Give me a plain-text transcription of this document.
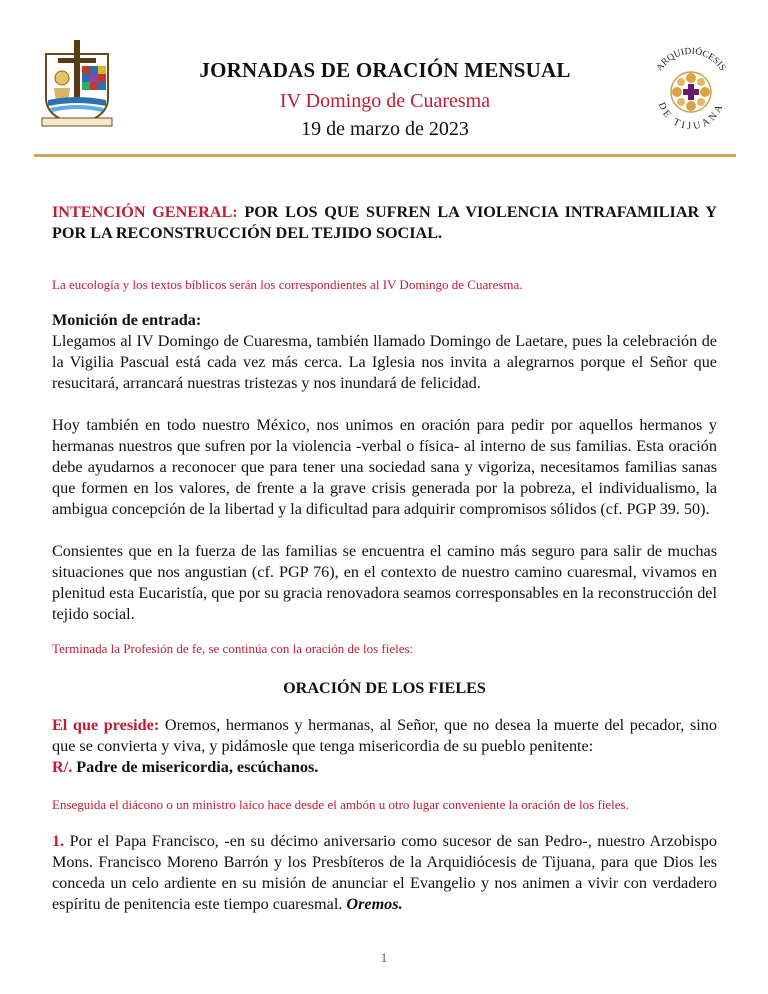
JORNADAS DE ORACIÓN MENSUAL
IV Domingo de Cuaresma
19 de marzo de 2023
ARQUIDIÓCESIS
DE TIJUANA
INTENCIÓN GENERAL: POR LOS QUE SUFREN LA VIOLENCIA INTRAFAMILIAR Y POR LA RECONSTRUCCIÓN DEL TEJIDO SOCIAL.
La eucología y los textos bíblicos serán los correspondientes al IV Domingo de Cuaresma.
Monición de entrada:
Llegamos al IV Domingo de Cuaresma, también llamado Domingo de Laetare, pues la celebración de la Vigilia Pascual está cada vez más cerca. La Iglesia nos invita a alegrarnos porque el Señor que resucitará, arrancará nuestras tristezas y nos inundará de felicidad.
Hoy también en todo nuestro México, nos unimos en oración para pedir por aquellos hermanos y hermanas nuestros que sufren por la violencia -verbal o física- al interno de sus familias. Esta oración debe ayudarnos a reconocer que para tener una sociedad sana y vigoriza, necesitamos familias sanas que formen en los valores, de frente a la grave crisis generada por la pobreza, el individualismo, la ambigua concepción de la libertad y la dificultad para adquirir compromisos sólidos (cf. PGP 39. 50).
Consientes que en la fuerza de las familias se encuentra el camino más seguro para salir de muchas situaciones que nos angustian (cf. PGP 76), en el contexto de nuestro camino cuaresmal, vivamos en plenitud esta Eucaristía, que por su gracia renovadora seamos corresponsables en la reconstrucción del tejido social.
Terminada la Profesión de fe, se continúa con la oración de los fieles:
ORACIÓN DE LOS FIELES
El que preside: Oremos, hermanos y hermanas, al Señor, que no desea la muerte del pecador, sino que se convierta y viva, y pidámosle que tenga misericordia de su pueblo penitente:
R/. Padre de misericordia, escúchanos.
Enseguida el diácono o un ministro laico hace desde el ambón u otro lugar conveniente la oración de los fieles.
1. Por el Papa Francisco, -en su décimo aniversario como sucesor de san Pedro-, nuestro Arzobispo Mons. Francisco Moreno Barrón y los Presbíteros de la Arquidiócesis de Tijuana, para que Dios les conceda un celo ardiente en su misión de anunciar el Evangelio y nos animen a vivir con verdadero espíritu de penitencia este tiempo cuaresmal. Oremos.
1
